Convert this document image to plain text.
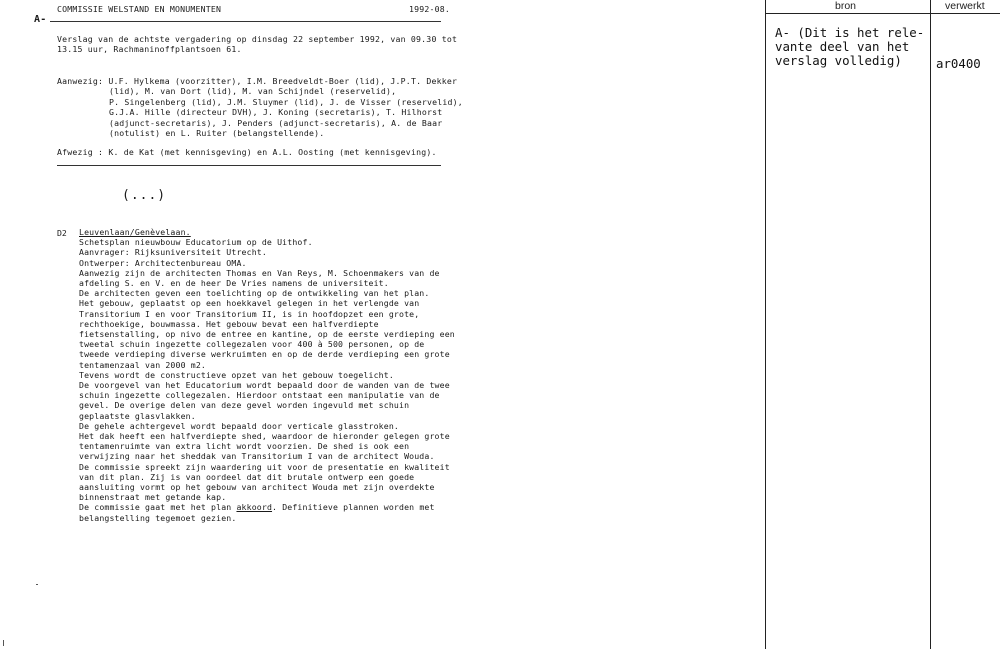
COMMISSIE WELSTAND EN MONUMENTEN	1992-08.
A-
Verslag van de achtste vergadering op dinsdag 22 september 1992, van 09.30 tot
13.15 uur, Rachmaninoffplantsoen 61.
Aanwezig: U.F. Hylkema (voorzitter), I.M. Breedveldt-Boer (lid), J.P.T. Dekker
(lid), M. van Dort (lid), M. van Schijndel (reservelid),
P. Singelenberg (lid), J.M. Sluymer (lid), J. de Visser (reservelid),
G.J.A. Hille (directeur DVH), J. Koning (secretaris), T. Hilhorst
(adjunct-secretaris), J. Penders (adjunct-secretaris), A. de Baar
(notulist) en L. Ruiter (belangstellende).
Afwezig : K. de Kat (met kennisgeving) en A.L. Oosting (met kennisgeving).
(...)
D2 Leuvenlaan/Genèvelaan.
Schetsplan nieuwbouw Educatorium op de Uithof.
Aanvrager: Rijksuniversiteit Utrecht.
Ontwerper: Architectenbureau OMA.
Aanwezig zijn de architecten Thomas en Van Reys, M. Schoenmakers van de
afdeling S. en V. en de heer De Vries namens de universiteit.
De architecten geven een toelichting op de ontwikkeling van het plan.
Het gebouw, geplaatst op een hoekkavel gelegen in het verlengde van
Transitorium I en voor Transitorium II, is in hoofdopzet een grote,
rechthoekige, bouwmassa. Het gebouw bevat een halfverdiepte
fietsenstalling, op nivo de entree en kantine, op de eerste verdieping een
tweetal schuin ingezette collegezalen voor 400 à 500 personen, op de
tweede verdieping diverse werkruimten en op de derde verdieping een grote
tentamenzaal van 2000 m2.
Tevens wordt de constructieve opzet van het gebouw toegelicht.
De voorgevel van het Educatorium wordt bepaald door de wanden van de twee
schuin ingezette collegezalen. Hierdoor ontstaat een manipulatie van de
gevel. De overige delen van deze gevel worden ingevuld met schuin
geplaatste glasvlakken.
De gehele achtergevel wordt bepaald door verticale glasstroken.
Het dak heeft een halfverdiepte shed, waardoor de hieronder gelegen grote
tentamenruimte van extra licht wordt voorzien. De shed is ook een
verwijzing naar het sheddak van Transitorium I van de architect Wouda.
De commissie spreekt zijn waardering uit voor de presentatie en kwaliteit
van dit plan. Zij is van oordeel dat dit brutale ontwerp een goede
aansluiting vormt op het gebouw van architect Wouda met zijn overdekte
binnenstraat met getande kap.
De commissie gaat met het plan akkoord. Definitieve plannen worden met
belangstelling tegemoet gezien.
bron	verwerkt
A- (Dit is het rele-
vante deel van het
verslag volledig)	ar0400
